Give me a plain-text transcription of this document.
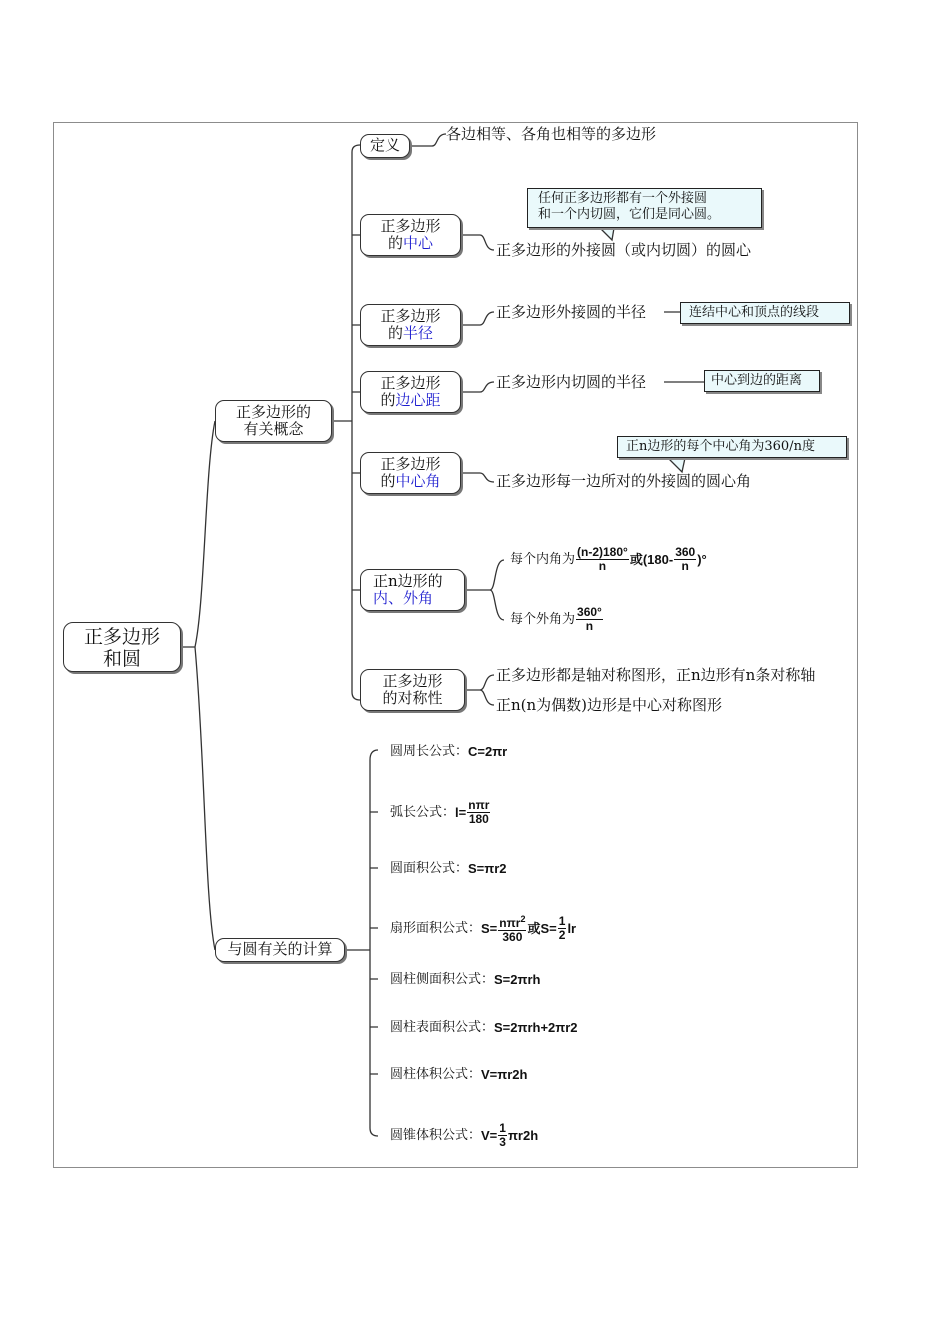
正多边形
和圆
正多边形的
有关概念
定义
各边相等、各角也相等的多边形
正多边形
的中心
任何正多边形都有一个外接圆
和一个内切圆，它们是同心圆。
正多边形的外接圆（或内切圆）的圆心
正多边形
的半径
正多边形外接圆的半径	连结中心和顶点的线段
正多边形
的边心距
正多边形内切圆的半径	中心到边的距离
正多边形
的中心角
正n边形的每个中心角为360/n度
正多边形每一边所对的外接圆的圆心角
正n边形的
内、外角
每个内角为 $\frac{(n-2)180^\circ}{n}$ 或($180- \frac{360}{n}$ )°
每个外角为 $\frac{360^\circ}{n}$
正多边形
的对称性
正多边形都是轴对称图形，正n边形有n条对称轴
正n(n为偶数)边形是中心对称图形
与圆有关的计算
圆周长公式： C=2πr
弧长公式： $l= \frac{\text{nπr}}{180}$
圆面积公式： S=πr 2
扇形面积公式： $S= \frac{n\pi r^2}{360}$ 或$S= \frac{1}{2}$ lr
圆柱侧面积公式： S=2πrh
圆柱表面积公式： S=2πrh+2πr 2
圆柱体积公式： V=πr 2 h
圆锥体积公式： $V= \frac{1}{3}$ πr 2 h
